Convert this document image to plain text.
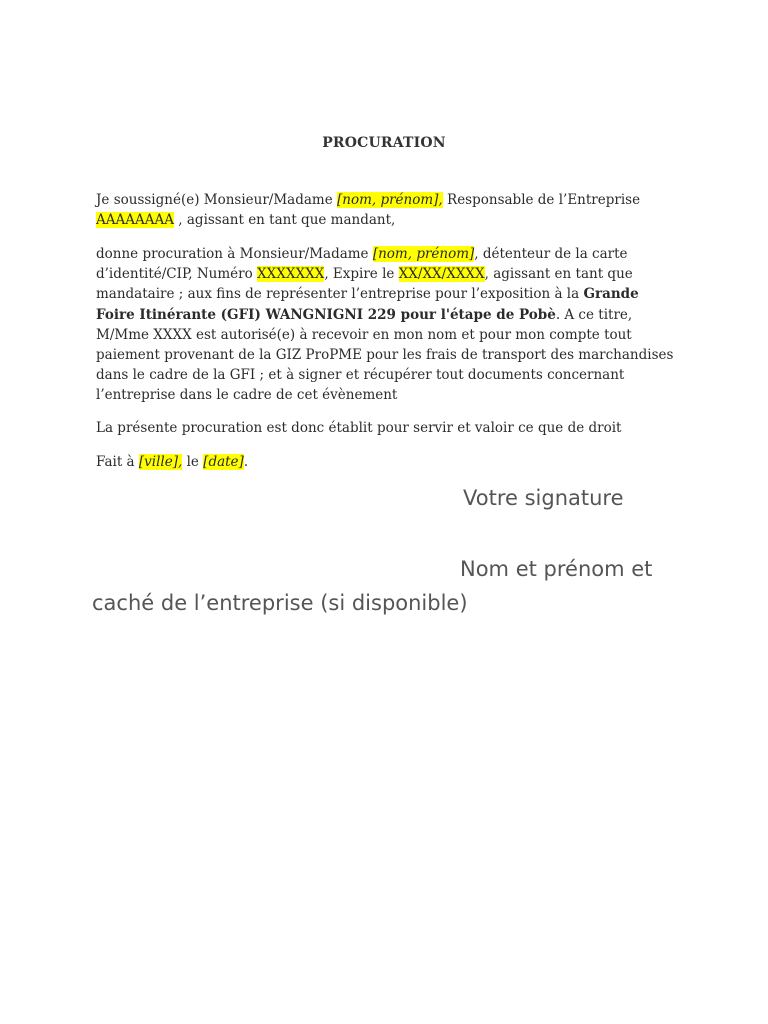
PROCURATION
Je soussigné(e) Monsieur/Madame [nom, prénom], Responsable de l’Entreprise AAAAAAAA , agissant en tant que mandant,
donne procuration à Monsieur/Madame [nom, prénom], détenteur de la carte d’identité/CIP, Numéro XXXXXXX, Expire le XX/XX/XXXX, agissant en tant que mandataire ; aux fins de représenter l’entreprise pour l’exposition à la Grande Foire Itinérante (GFI) WANGNIGNI 229 pour l'étape de Pobè. A ce titre, M/Mme XXXX est autorisé(e) à recevoir en mon nom et pour mon compte tout paiement provenant de la GIZ ProPME pour les frais de transport des marchandises dans le cadre de la GFI ; et à signer et récupérer tout documents concernant l’entreprise dans le cadre de cet évènement
La présente procuration est donc établit pour servir et valoir ce que de droit
Fait à [ville], le [date].
Votre signature
Nom et prénom et
caché de l’entreprise (si disponible)
